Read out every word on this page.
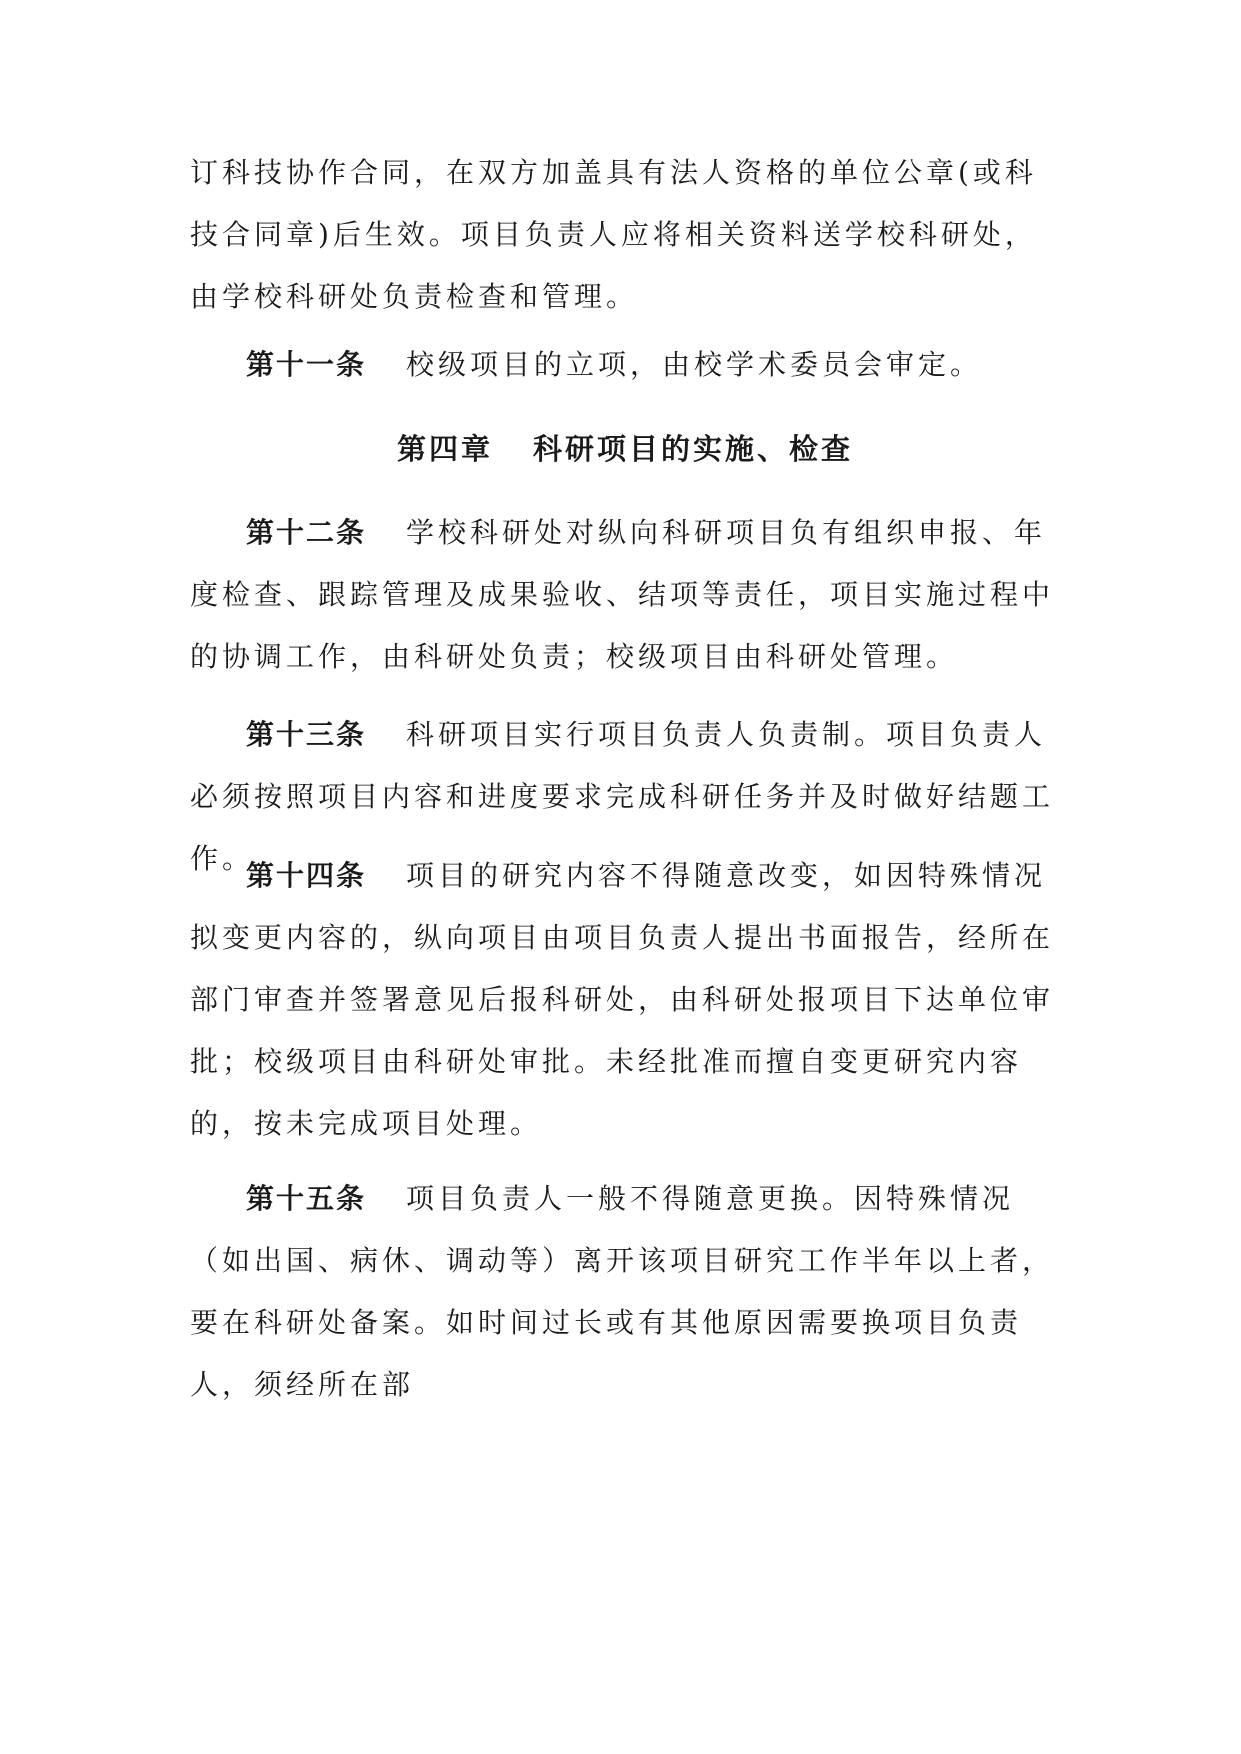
订科技协作合同，在双方加盖具有法人资格的单位公章(或科技合同章)后生效。项目负责人应将相关资料送学校科研处，由学校科研处负责检查和管理。

第十一条 校级项目的立项，由校学术委员会审定。

第四章 科研项目的实施、检查

第十二条 学校科研处对纵向科研项目负有组织申报、年度检查、跟踪管理及成果验收、结项等责任，项目实施过程中的协调工作，由科研处负责；校级项目由科研处管理。

第十三条 科研项目实行项目负责人负责制。项目负责人必须按照项目内容和进度要求完成科研任务并及时做好结题工作。

第十四条 项目的研究内容不得随意改变，如因特殊情况拟变更内容的，纵向项目由项目负责人提出书面报告，经所在部门审查并签署意见后报科研处，由科研处报项目下达单位审批；校级项目由科研处审批。未经批准而擅自变更研究内容的，按未完成项目处理。

第十五条 项目负责人一般不得随意更换。因特殊情况（如出国、病休、调动等）离开该项目研究工作半年以上者，要在科研处备案。如时间过长或有其他原因需要换项目负责人，须经所在部
